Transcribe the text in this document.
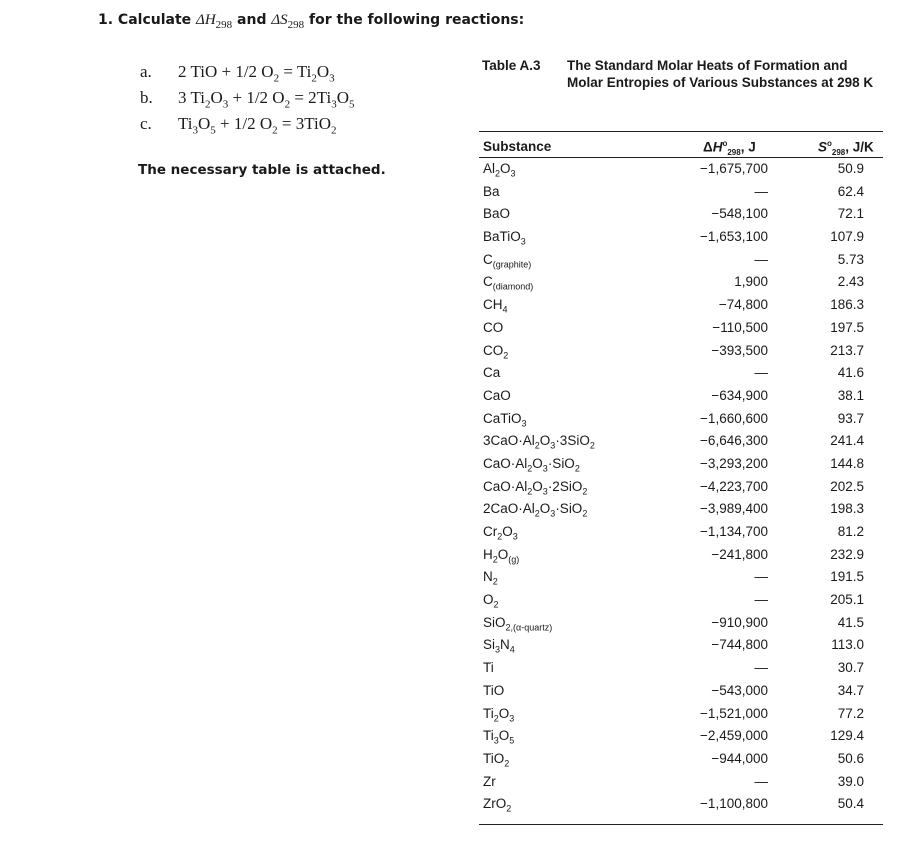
1. Calculate $\Delta H_{298}$ and $\Delta S_{298}$ for the following reactions:
a. 2 TiO + 1/2 $O_2 = Ti_2O_3$
b. 3 $Ti_2O_3 + 1/2$ $O_2 = 2Ti_3O_5$
c. $Ti_3O_5 + 1/2$ $O_2 = 3TiO_2$
The necessary table is attached.
Table A.3 The Standard Molar Heats of Formation and Molar Entropies of Various Substances at 298 K
Substance	$\Delta H^o_{298}$, J	$S^o_{298}$, J/K
$Al_2O_3$	−1,675,700	50.9
Ba	—	62.4
BaO	−548,100	72.1
BaTiO$_3$	−1,653,100	107.9
$C_{(graphite)}$	—	5.73
$C_{(diamond)}$	1,900	2.43
$CH_4$	−74,800	186.3
CO	−110,500	197.5
$CO_2$	−393,500	213.7
Ca	—	41.6
CaO	−634,900	38.1
CaTiO$_3$	−1,660,600	93.7
$3CaO\cdot Al_2O_3\cdot 3SiO_2$	−6,646,300	241.4
$CaO\cdot Al_2O_3\cdot SiO_2$	−3,293,200	144.8
$CaO\cdot Al_2O_3\cdot 2SiO_2$	−4,223,700	202.5
$2CaO\cdot Al_2O_3\cdot SiO_2$	−3,989,400	198.3
$Cr_2O_3$	−1,134,700	81.2
$H_2O_{(g)}$	−241,800	232.9
$N_2$	—	191.5
$O_2$	—	205.1
SiO$_{2,(\alpha-quartz)}$	−910,900	41.5
$Si_3N_4$	−744,800	113.0
Ti	—	30.7
TiO	−543,000	34.7
$Ti_2O_3$	−1,521,000	77.2
$Ti_3O_5$	−2,459,000	129.4
TiO$_2$	−944,000	50.6
Zr	—	39.0
ZrO$_2$	−1,100,800	50.4
